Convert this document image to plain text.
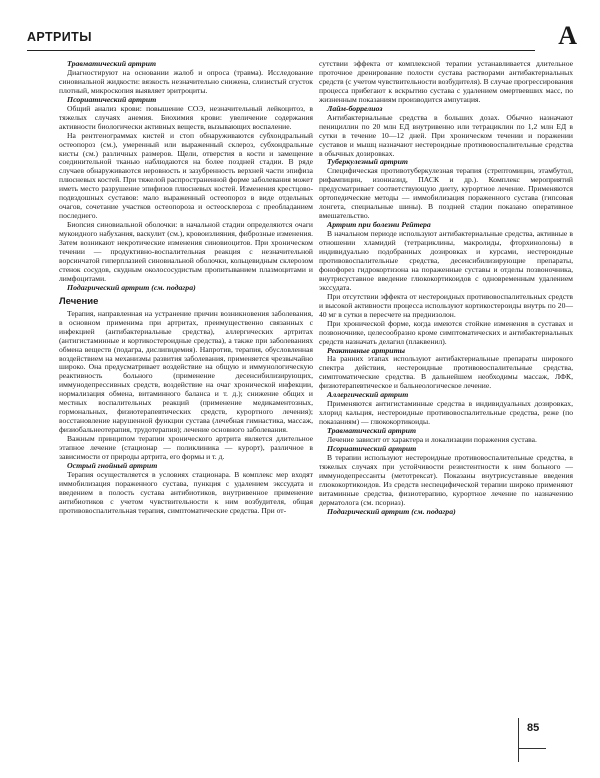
АРТРИТЫ	А

Травматический артрит

Диагностируют на основании жалоб и опроса (травма). Исследование синовиальной жидкости: вязкость незначительно снижена, слизистый сгусток плотный, микроскопия выявляет эритроциты.

Псориатический артрит

Общий анализ крови: повышение СОЭ, незначительный лейкоцитоз, в тяжелых случаях анемия. Биохимия крови: увеличение содержания активности биологически активных веществ, вызывающих воспаление.

На рентгенограммах кистей и стоп обнаруживаются субхондральный остеопороз (см.), умеренный или выраженный склероз, субхондральные кисты (см.) различных размеров. Щели, отверстия в кости и замещение соединительной тканью наблюдаются на более поздней стадии. В ряде случаев обнаруживаются неровность и зазубренность верхней части эпифиза плюсневых костей. При тяжелой распространенной форме заболевания может иметь место разрушение эпифизов плюсневых костей. Изменения крестцово-подвздошных суставов: мало выраженный остеопороз в виде отдельных очагов, сочетание участков остеопороза и остеосклероза с преобладанием последнего.

Биопсия синовиальной оболочки: в начальной стадии определяются очаги мукоидного набухания, васкулит (см.), кровоизлияния, фиброзные изменения. Затем возникают некротические изменения синовиоцитов. При хроническом течении — продуктивно-воспалительная реакция с незначительной ворсинчатой гиперплазией синовиальной оболочки, кольцевидным склерозом стенок сосудов, скудным околососудистым пропитыванием плазмоцитами и лимфоцитами.

Подагрический артрит (см. подагра)

Лечение

Терапия, направленная на устранение причин возникновения заболевания, в основном применима при артритах, преимущественно связанных с инфекцией (антибактериальные средства), аллергических артритах (антигистаминные и кортикостероидные средства), а также при заболеваниях обмена веществ (подагра, дислипидемия). Напротив, терапия, обусловленная воздействием на механизмы развития заболевания, применяется чрезвычайно широко. Она предусматривает воздействие на общую и иммунологическую реактивность больного (применение десенсибилизирующих, иммунодепрессивных средств, воздействие на очаг хронической инфекции, нормализация обмена, витаминного баланса и т. д.); снижение общих и местных воспалительных реакций (применение медикаментозных, гормональных, физиотерапевтических средств, курортного лечения); восстановление нарушенной функции сустава (лечебная гимнастика, массаж, физиобальнеотерапия, трудотерапия); лечение основного заболевания.

Важным принципом терапии хронического артрита является длительное этапное лечение (стационар — поликлиника — курорт), различное в зависимости от природы артрита, его формы и т. д.

Острый гнойный артрит

Терапия осуществляется в условиях стационара. В комплекс мер входят иммобилизация пораженного сустава, пункция с удалением экссудата и введением в полость сустава антибиотиков, внутривенное применение антибиотиков с учетом чувствительности к ним возбудителя, общая противовоспалительная терапия, симптоматические средства. При от-

сутствии эффекта от комплексной терапии устанавливается длительное проточное дренирование полости сустава растворами антибактериальных средств (с учетом чувствительности возбудителя). В случае прогрессирования процесса прибегают к вскрытию сустава с удалением омертвевших масс, по жизненным показаниям производится ампутация.

Лайм-боррелиоз

Антибактериальные средства в больших дозах. Обычно назначают пенициллин по 20 млн ЕД внутривенно или тетрациклин по 1,2 млн ЕД в сутки в течение 10—12 дней. При хроническом течении и поражении суставов и мышц назначают нестероидные противовоспалительные средства в обычных дозировках.

Туберкулезный артрит

Специфическая противотуберкулезная терапия (стрептомицин, этамбутол, рифампицин, изониазид, ПАСК и др.). Комплекс мероприятий предусматривает соответствующую диету, курортное лечение. Применяются ортопедические методы — иммобилизация пораженного сустава (гипсовая лонгета, специальные шины). В поздней стадии показано оперативное вмешательство.

Артрит при болезни Рейтера

В начальном периоде используют антибактериальные средства, активные в отношении хламидий (тетрациклины, макролиды, фторхинолоны) в индивидуально подобранных дозировках и курсами, нестероидные противовоспалительные средства, десенсибилизирующие препараты, фонофорез гидрокортизона на пораженные суставы и отделы позвоночника, внутрисуставное введение глюкокортикоидов с одновременным удалением экссудата.

При отсутствии эффекта от нестероидных противовоспалительных средств и высокой активности процесса используют кортикостероиды внутрь по 20—40 мг в сутки в пересчете на преднизолон.

При хронической форме, когда имеются стойкие изменения в суставах и позвоночнике, целесообразно кроме симптоматических и антибактериальных средств назначать делагил (плаквенил).

Реактивные артриты

На ранних этапах используют антибактериальные препараты широкого спектра действия, нестероидные противовоспалительные средства, симптоматические средства. В дальнейшем необходимы массаж, ЛФК, физиотерапевтическое и бальнеологическое лечение.

Аллергический артрит

Применяются антигистаминные средства в индивидуальных дозировках, хлорид кальция, нестероидные противовоспалительные средства, реже (по показаниям) — глюкокортикоиды.

Травматический артрит

Лечение зависит от характера и локализации поражения сустава.

Псориатический артрит

В терапии используют нестероидные противовоспалительные средства, в тяжелых случаях при устойчивости резистентности к ним больного — иммунодепрессанты (метотрексат). Показаны внутрисуставные введения глюкокортикоидов. Из средств неспецифической терапии широко применяют витаминные средства, физиотерапию, курортное лечение по назначению дерматолога (см. псориаз).

Подагрический артрит (см. подагра)

85
